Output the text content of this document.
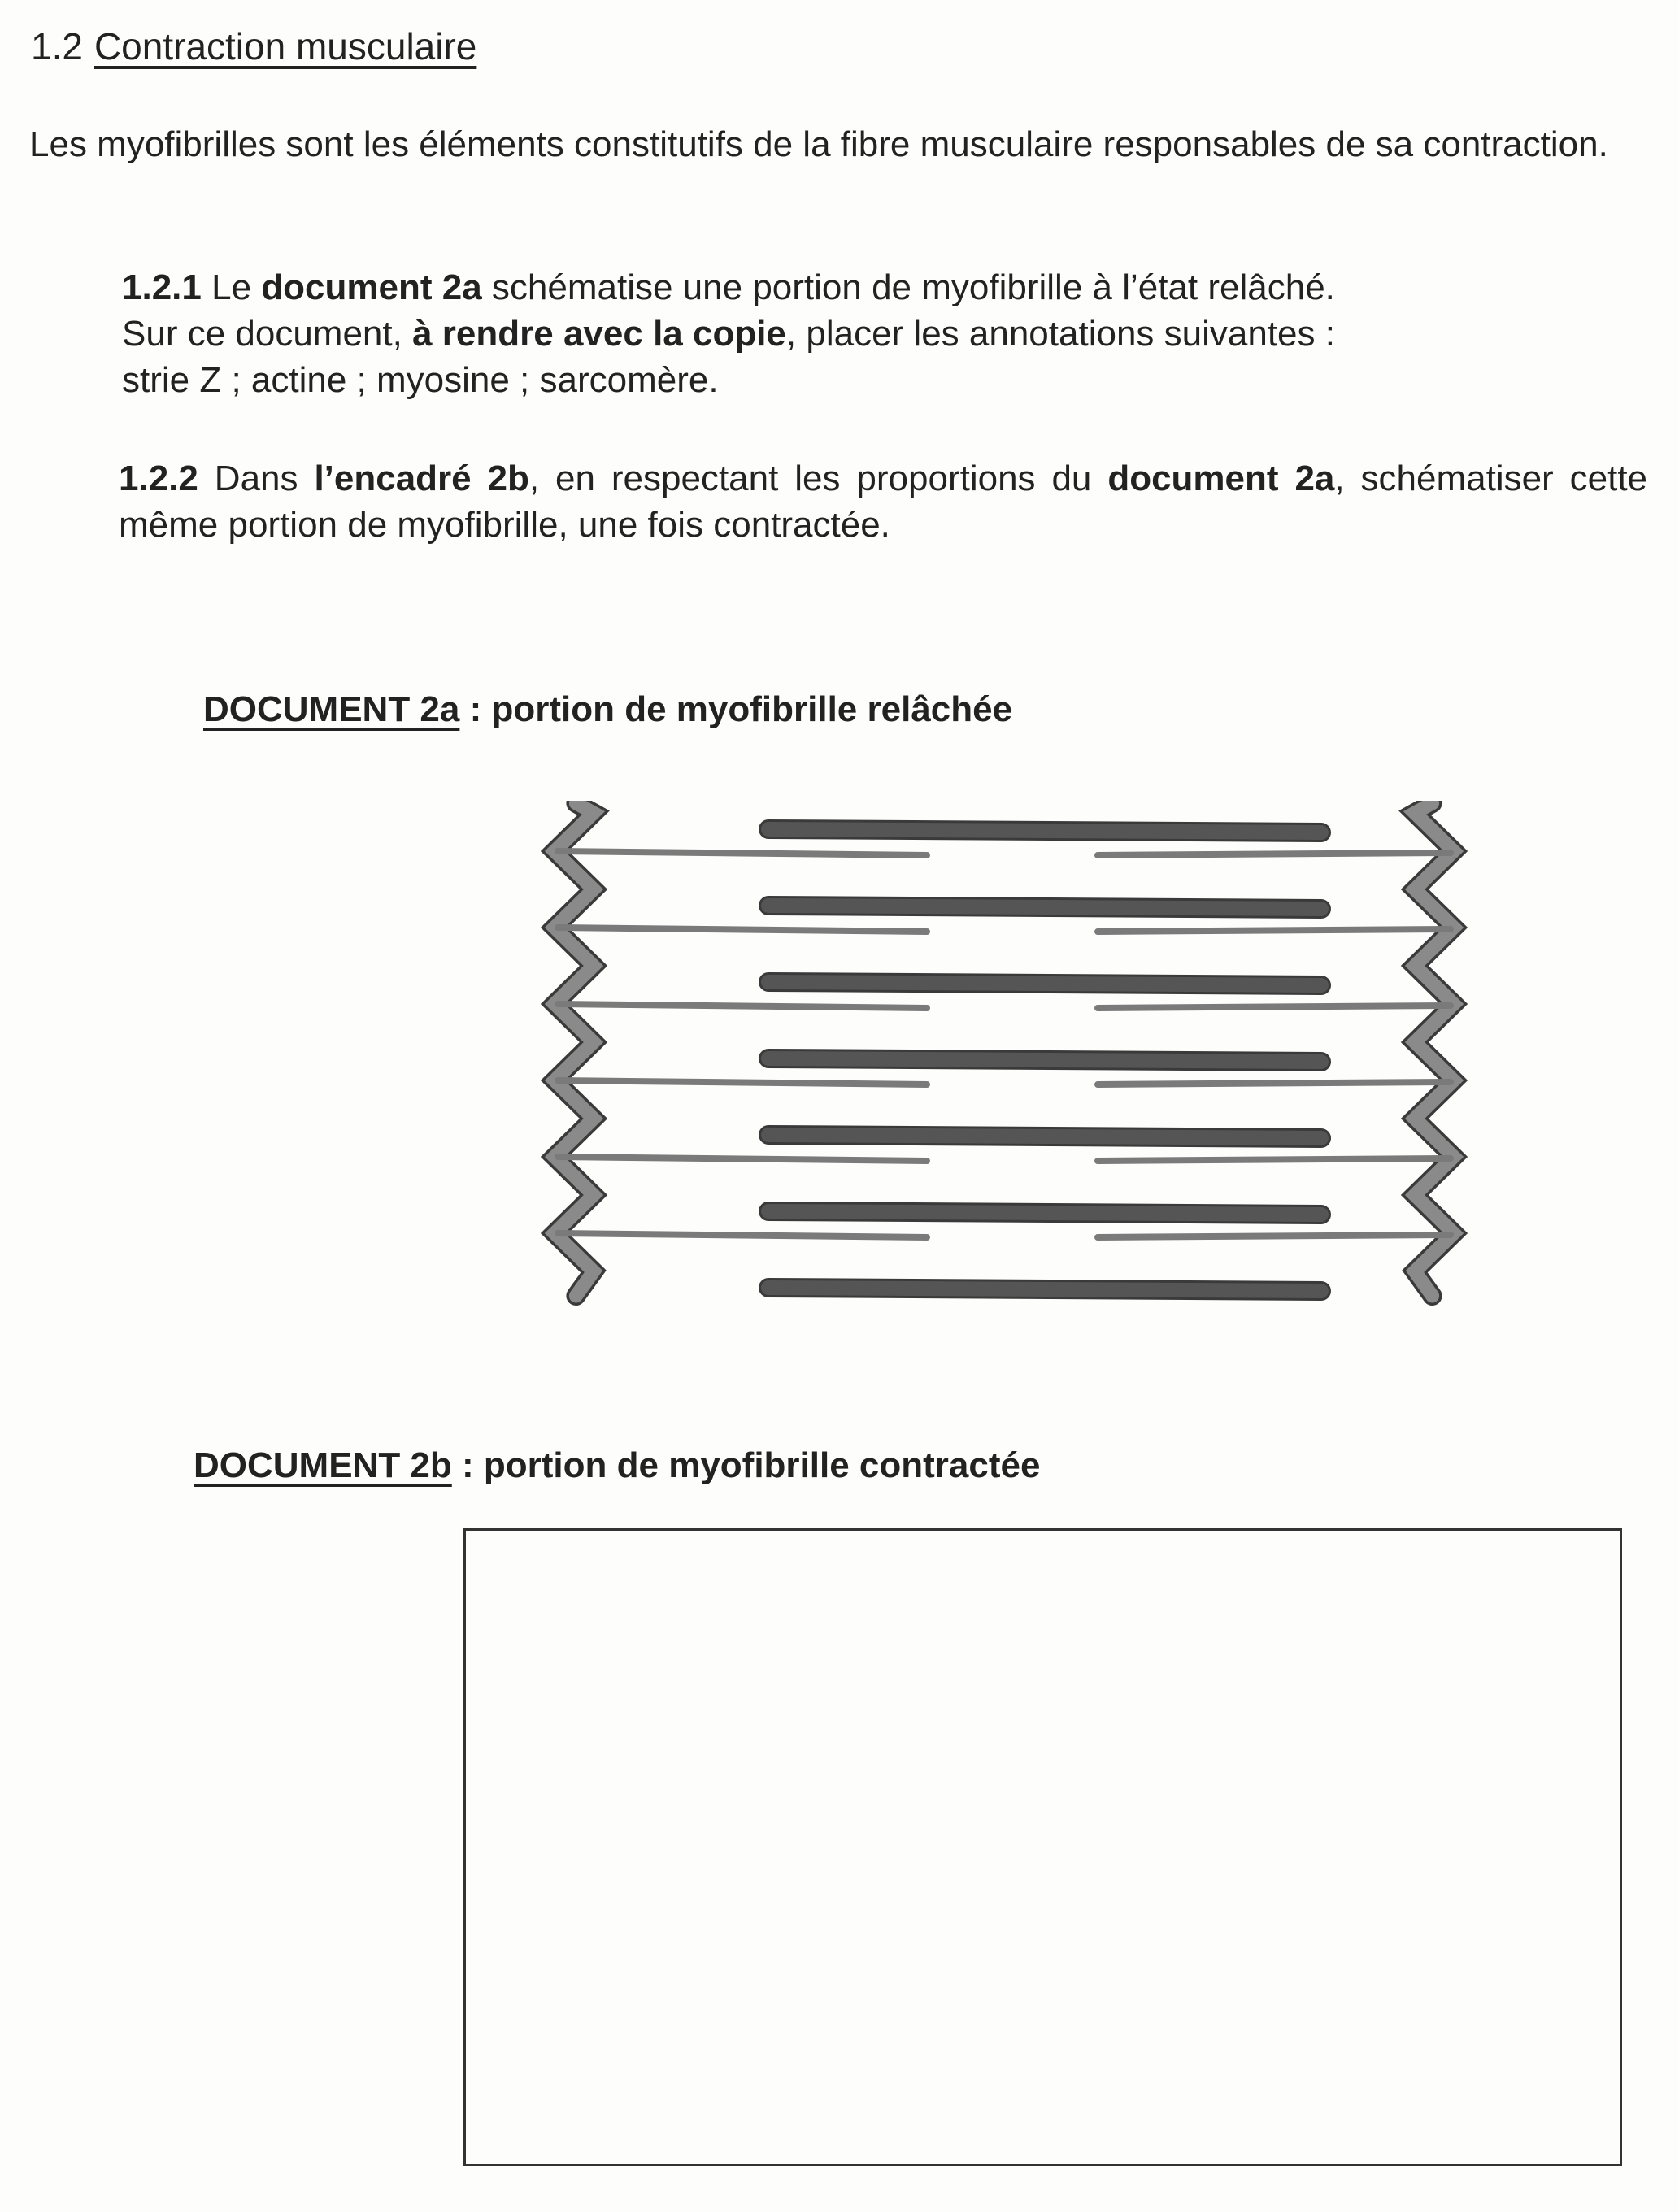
1.2 Contraction musculaire

Les myofibrilles sont les éléments constitutifs de la fibre musculaire responsables de sa contraction.

1.2.1 Le document 2a schématise une portion de myofibrille à l’état relâché.
Sur ce document, à rendre avec la copie, placer les annotations suivantes :
strie Z ; actine ; myosine ; sarcomère.

1.2.2 Dans l’encadré 2b, en respectant les proportions du document 2a, schématiser cette même portion de myofibrille, une fois contractée.

DOCUMENT 2a : portion de myofibrille relâchée
DOCUMENT 2b : portion de myofibrille contractée
